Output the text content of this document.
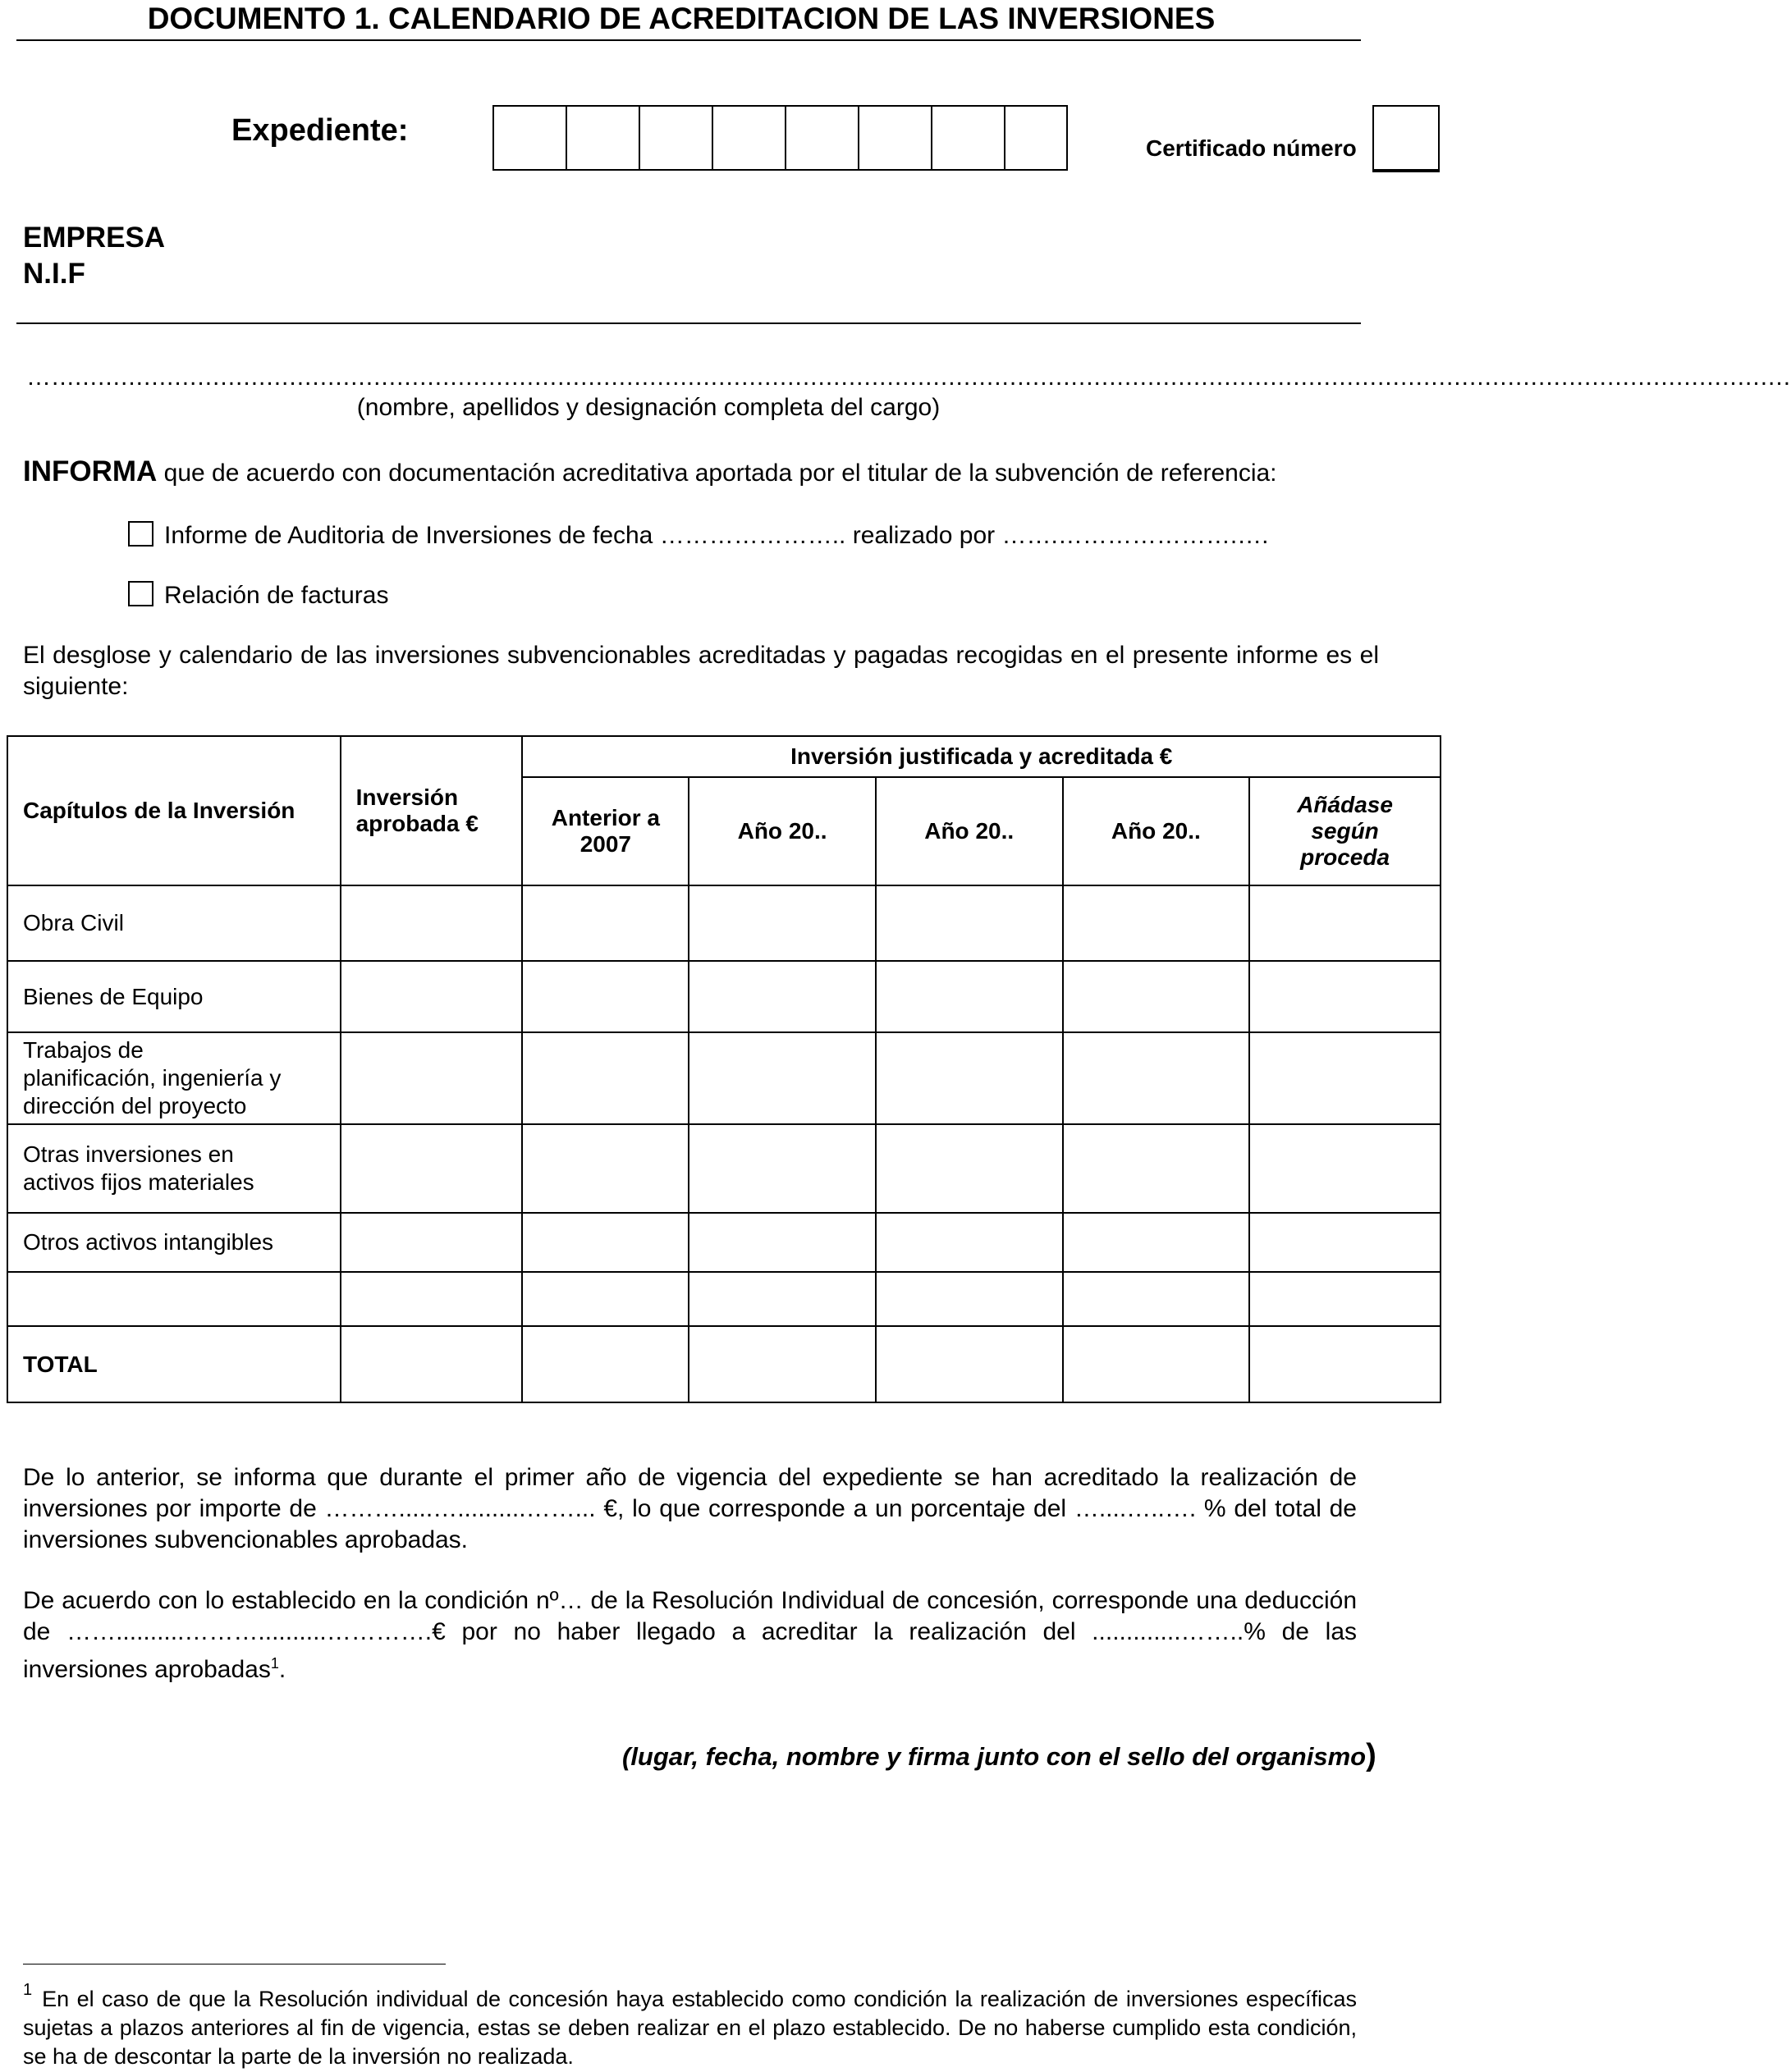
DOCUMENTO 1. CALENDARIO DE ACREDITACION DE LAS INVERSIONES
Expediente:
Certificado número
EMPRESA
N.I.F
…...................................................................................................................................................................................................................................
(nombre, apellidos y designación completa del cargo)
INFORMA que de acuerdo con documentación acreditativa aportada por el titular de la subvención de referencia:
Informe de Auditoria de Inversiones de fecha ………………….. realizado por …….………………….….
Relación de facturas
El desglose y calendario de las inversiones subvencionables acreditadas y pagadas recogidas en el presente informe es el siguiente:
Capítulos de la Inversión	Inversión aprobada €	Inversión justificada y acreditada €				
		Anterior a 2007	Año 20..	Año 20..	Año 20..	Añádase según proceda
Obra Civil						
Bienes de Equipo						
Trabajos de planificación, ingeniería y dirección del proyecto						
Otras inversiones en activos fijos materiales						
Otros activos intangibles						

TOTAL						
De lo anterior, se informa que durante el primer año de vigencia del expediente se han acreditado la realización de inversiones por importe de ……….....…..........……... €, lo que corresponde a un porcentaje del …....…..…. % del total de inversiones subvencionables aprobadas.
De acuerdo con lo establecido en la condición nº… de la Resolución Individual de concesión, corresponde una deducción de ……..........………..........………….€ por no haber llegado a acreditar la realización del .............……..% de las inversiones aprobadas$^1$.
(lugar, fecha, nombre y firma junto con el sello del organismo)
$^1$ En el caso de que la Resolución individual de concesión haya establecido como condición la realización de inversiones específicas sujetas a plazos anteriores al fin de vigencia, estas se deben realizar en el plazo establecido. De no haberse cumplido esta condición, se ha de descontar la parte de la inversión no realizada.
